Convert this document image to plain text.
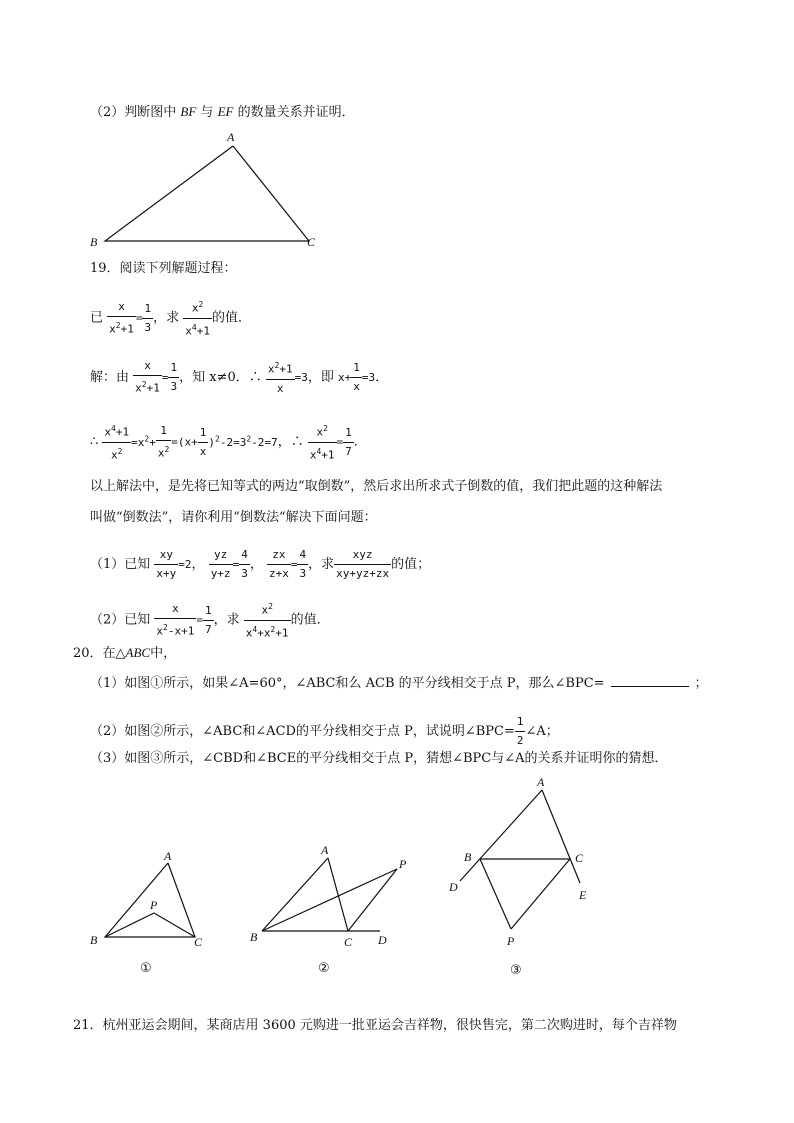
（2）判断图中 BF 与 EF 的数量关系并证明．
A
B	C
19．阅读下列解题过程：
已 $\frac{x}{x^2+1} = \frac{1}{3}$ ，求 $\frac{x^2}{x^4+1}$ 的值．
解：由 $\frac{x}{x^2+1} = \frac{1}{3}$ ，知 x≠0．∴ $\frac{x^2+1}{x} =3$，即 $x+ \frac{1}{x} =3$．
∴ $\frac{x^4+1}{x^2} =x^2+ \frac{1}{x^2} =(x+ \frac{1}{x} )^2-2=3^2-2=7$，∴ $\frac{x^2}{x^4+1} = \frac{1}{7}$ ．
以上解法中，是先将已知等式的两边“取倒数”，然后求出所求式子倒数的值，我们把此题的这种解法
叫做“倒数法”，请你利用“倒数法“解决下面问题：
（1）已知 $\frac{xy}{x+y} =2$， $\frac{yz}{y+z} = \frac{4}{3}$ ， $\frac{zx}{z+x} = \frac{4}{3}$ ，求 $\frac{\text{xyz}}{xy+yz+zx}$ 的值；
（2）已知 $\frac{x}{x^2-x+1} = \frac{1}{7}$ ，求 $\frac{x^2}{x^4+x^2+1}$ 的值．
20．在△ABC中，
（1）如图①所示，如果∠A=60°，∠ABC和么 ACB 的平分线相交于点 P，那么∠BPC=	；
（2）如图②所示，∠ABC和∠ACD的平分线相交于点 P，试说明∠BPC= $\frac{1}{2}$ ∠A；
（3）如图③所示，∠CBD和∠BCE的平分线相交于点 P，猜想∠BPC与∠A的关系并证明你的猜想．
A
B	C
P
①
A
B	C D
P
②
A
B	C
D
E
P
③
21．杭州亚运会期间，某商店用 3600 元购进一批亚运会吉祥物，很快售完，第二次购进时，每个吉祥物
